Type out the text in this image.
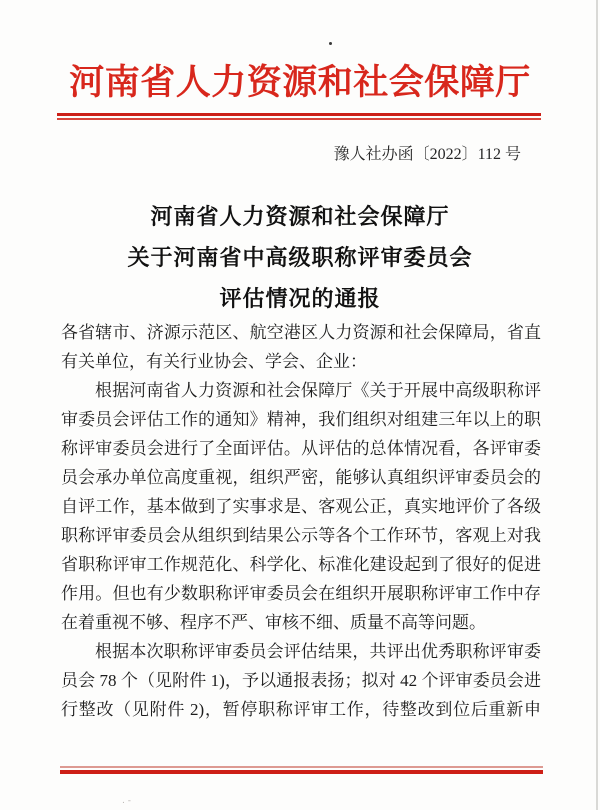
河南省人力资源和社会保障厅
豫人社办函〔2022〕112 号
河南省人力资源和社会保障厅
关于河南省中高级职称评审委员会
评估情况的通报
各省辖市、济源示范区、航空港区人力资源和社会保障局，省直
有关单位，有关行业协会、学会、企业：
根据河南省人力资源和社会保障厅《关于开展中高级职称评
审委员会评估工作的通知》精神，我们组织对组建三年以上的职
称评审委员会进行了全面评估。从评估的总体情况看，各评审委
员会承办单位高度重视，组织严密，能够认真组织评审委员会的
自评工作，基本做到了实事求是、客观公正，真实地评价了各级
职称评审委员会从组织到结果公示等各个工作环节，客观上对我
省职称评审工作规范化、科学化、标准化建设起到了很好的促进
作用。但也有少数职称评审委员会在组织开展职称评审工作中存
在着重视不够、程序不严、审核不细、质量不高等问题。
根据本次职称评审委员会评估结果，共评出优秀职称评审委
员会 78 个（见附件 1)，予以通报表扬；拟对 42 个评审委员会进
行整改（见附件 2)，暂停职称评审工作，待整改到位后重新申
. -
